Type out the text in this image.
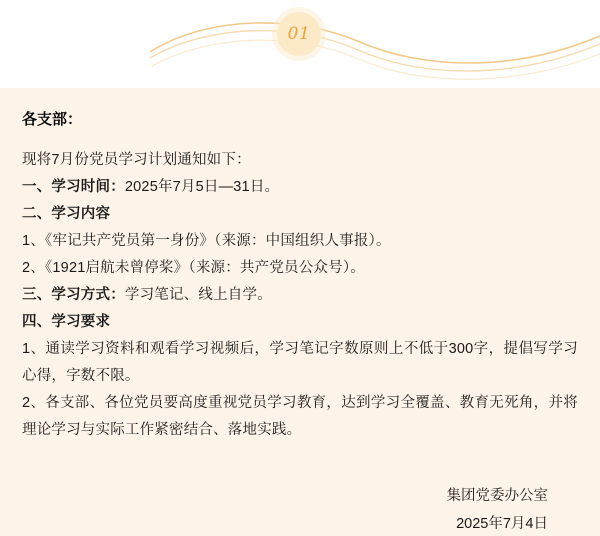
01
各支部：
现将7月份党员学习计划通知如下：
一、学习时间：2025年7月5日—31日。
二、学习内容
1、《牢记共产党员第一身份》（来源：中国组织人事报）。
2、《1921启航未曾停桨》（来源：共产党员公众号）。
三、学习方式：学习笔记、线上自学。
四、学习要求
1、通读学习资料和观看学习视频后，学习笔记字数原则上不低于300字，提倡写学习心得，字数不限。
2、各支部、各位党员要高度重视党员学习教育，达到学习全覆盖、教育无死角，并将理论学习与实际工作紧密结合、落地实践。
集团党委办公室
2025年7月4日
